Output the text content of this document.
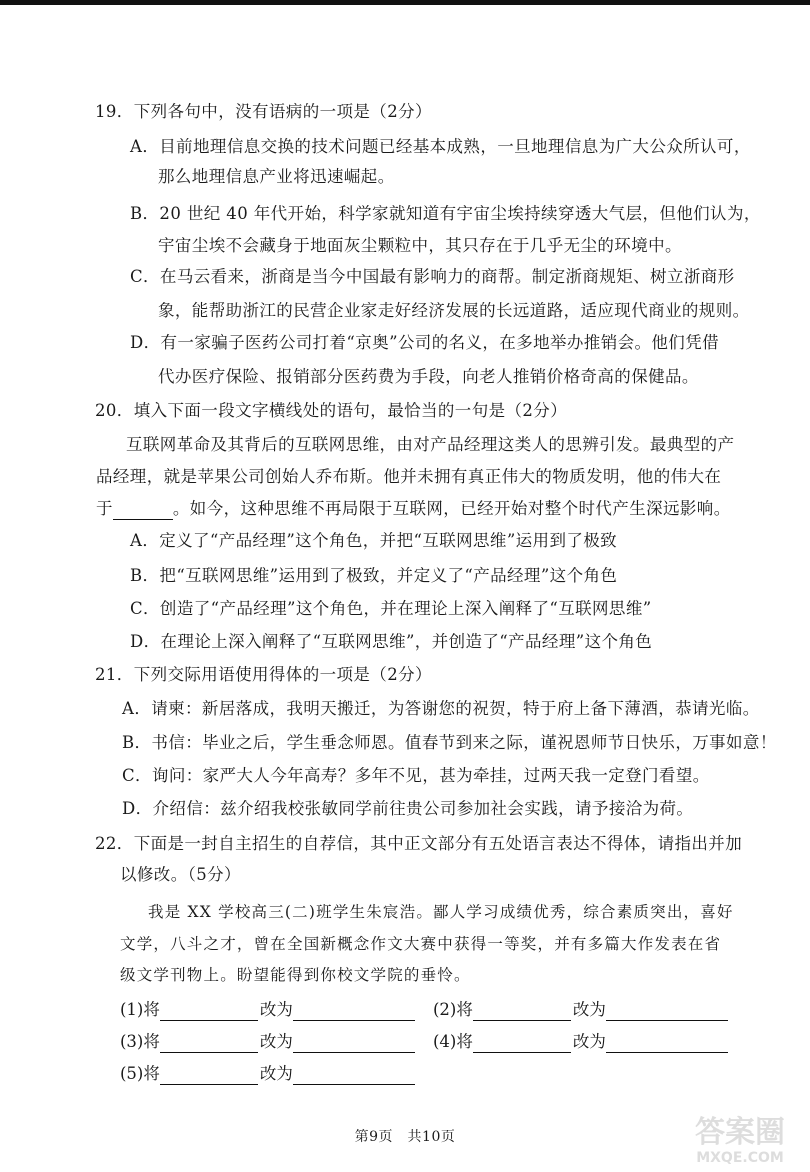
19．下列各句中，没有语病的一项是（2分）
A．目前地理信息交换的技术问题已经基本成熟，一旦地理信息为广大公众所认可，
那么地理信息产业将迅速崛起。
B．20 世纪 40 年代开始，科学家就知道有宇宙尘埃持续穿透大气层，但他们认为，
宇宙尘埃不会藏身于地面灰尘颗粒中，其只存在于几乎无尘的环境中。
C．在马云看来，浙商是当今中国最有影响力的商帮。制定浙商规矩、树立浙商形
象，能帮助浙江的民营企业家走好经济发展的长远道路，适应现代商业的规则。
D．有一家骗子医药公司打着“京奥”公司的名义，在多地举办推销会。他们凭借
代办医疗保险、报销部分医药费为手段，向老人推销价格奇高的保健品。
20．填入下面一段文字横线处的语句，最恰当的一句是（2分）
互联网革命及其背后的互联网思维，由对产品经理这类人的思辨引发。最典型的产
品经理，就是苹果公司创始人乔布斯。他并未拥有真正伟大的物质发明，他的伟大在
于	。如今，这种思维不再局限于互联网，已经开始对整个时代产生深远影响。
A．定义了“产品经理”这个角色，并把“互联网思维”运用到了极致
B．把“互联网思维”运用到了极致，并定义了“产品经理”这个角色
C．创造了“产品经理”这个角色，并在理论上深入阐释了“互联网思维”
D．在理论上深入阐释了“互联网思维”，并创造了“产品经理”这个角色
21．下列交际用语使用得体的一项是（2分）
A．请柬：新居落成，我明天搬迁，为答谢您的祝贺，特于府上备下薄酒，恭请光临。
B．书信：毕业之后，学生垂念师恩。值春节到来之际，谨祝恩师节日快乐，万事如意！
C．询问：家严大人今年高寿？多年不见，甚为牵挂，过两天我一定登门看望。
D．介绍信：兹介绍我校张敏同学前往贵公司参加社会实践，请予接洽为荷。
22．下面是一封自主招生的自荐信，其中正文部分有五处语言表达不得体，请指出并加
以修改。（5分）
我是 XX 学校高三(二)班学生朱宸浩。鄙人学习成绩优秀，综合素质突出，喜好
文学，八斗之才，曾在全国新概念作文大赛中获得一等奖，并有多篇大作发表在省
级文学刊物上。盼望能得到你校文学院的垂怜。
(1)将	改为	(2)将	改为
(3)将	改为	(4)将	改为
(5)将	改为
第9页　共10页	答案圈
MXQE.COM
